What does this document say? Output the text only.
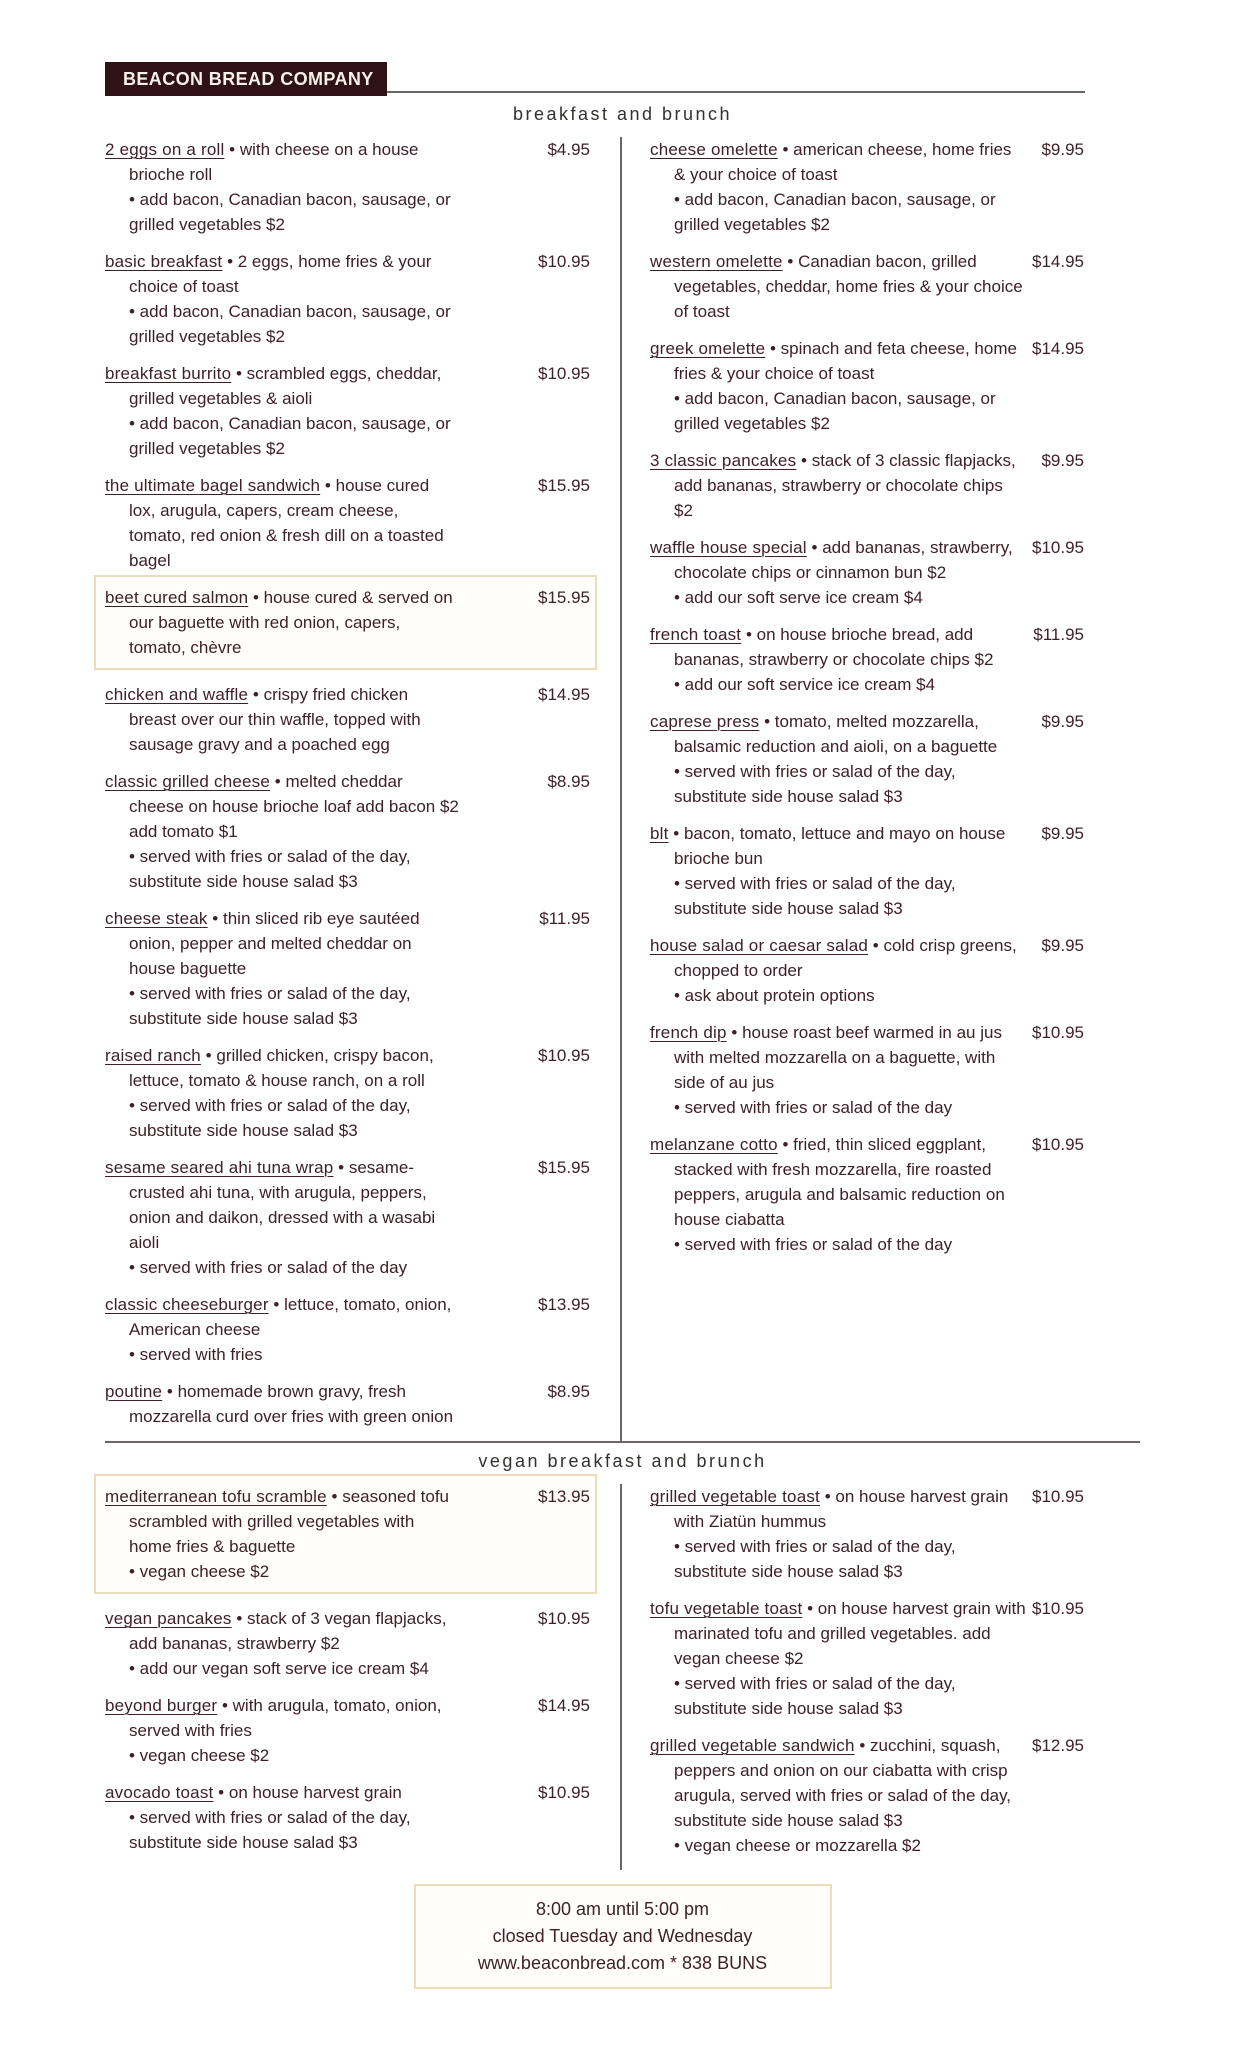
BEACON BREAD COMPANY
breakfast and brunch
2 eggs on a roll • with cheese on a house brioche roll
• add bacon, Canadian bacon, sausage, or grilled vegetables $2
$4.95
basic breakfast • 2 eggs, home fries & your choice of toast
• add bacon, Canadian bacon, sausage, or grilled vegetables $2
$10.95
breakfast burrito • scrambled eggs, cheddar, grilled vegetables & aioli
• add bacon, Canadian bacon, sausage, or grilled vegetables $2
$10.95
the ultimate bagel sandwich • house cured lox, arugula, capers, cream cheese, tomato, red onion & fresh dill on a toasted bagel
$15.95
beet cured salmon • house cured & served on our baguette with red onion, capers, tomato, chèvre
$15.95
chicken and waffle • crispy fried chicken breast over our thin waffle, topped with sausage gravy and a poached egg
$14.95
classic grilled cheese • melted cheddar cheese on house brioche loaf add bacon $2 add tomato $1
• served with fries or salad of the day, substitute side house salad $3
$8.95
cheese steak • thin sliced rib eye sautéed onion, pepper and melted cheddar on house baguette
• served with fries or salad of the day, substitute side house salad $3
$11.95
raised ranch • grilled chicken, crispy bacon, lettuce, tomato & house ranch, on a roll
• served with fries or salad of the day, substitute side house salad $3
$10.95
sesame seared ahi tuna wrap • sesame-crusted ahi tuna, with arugula, peppers, onion and daikon, dressed with a wasabi aioli
• served with fries or salad of the day
$15.95
classic cheeseburger • lettuce, tomato, onion, American cheese
• served with fries
$13.95
poutine • homemade brown gravy, fresh mozzarella curd over fries with green onion
$8.95
cheese omelette • american cheese, home fries & your choice of toast
• add bacon, Canadian bacon, sausage, or grilled vegetables $2
$9.95
western omelette • Canadian bacon, grilled vegetables, cheddar, home fries & your choice of toast
$14.95
greek omelette • spinach and feta cheese, home fries & your choice of toast
• add bacon, Canadian bacon, sausage, or grilled vegetables $2
$14.95
3 classic pancakes • stack of 3 classic flapjacks, add bananas, strawberry or chocolate chips $2
$9.95
waffle house special • add bananas, strawberry, chocolate chips or cinnamon bun $2
• add our soft serve ice cream $4
$10.95
french toast • on house brioche bread, add bananas, strawberry or chocolate chips $2
• add our soft service ice cream $4
$11.95
caprese press • tomato, melted mozzarella, balsamic reduction and aioli, on a baguette
• served with fries or salad of the day, substitute side house salad $3
$9.95
blt • bacon, tomato, lettuce and mayo on house brioche bun
• served with fries or salad of the day, substitute side house salad $3
$9.95
house salad or caesar salad • cold crisp greens, chopped to order
• ask about protein options
$9.95
french dip • house roast beef warmed in au jus with melted mozzarella on a baguette, with side of au jus
• served with fries or salad of the day
$10.95
melanzane cotto • fried, thin sliced eggplant, stacked with fresh mozzarella, fire roasted peppers, arugula and balsamic reduction on house ciabatta
• served with fries or salad of the day
$10.95
vegan breakfast and brunch
mediterranean tofu scramble • seasoned tofu scrambled with grilled vegetables with home fries & baguette
• vegan cheese $2
$13.95
vegan pancakes • stack of 3 vegan flapjacks, add bananas, strawberry $2
• add our vegan soft serve ice cream $4
$10.95
beyond burger • with arugula, tomato, onion, served with fries
• vegan cheese $2
$14.95
avocado toast • on house harvest grain
• served with fries or salad of the day, substitute side house salad $3
$10.95
grilled vegetable toast • on house harvest grain with Ziatün hummus
• served with fries or salad of the day, substitute side house salad $3
$10.95
tofu vegetable toast • on house harvest grain with marinated tofu and grilled vegetables. add vegan cheese $2
• served with fries or salad of the day, substitute side house salad $3
$10.95
grilled vegetable sandwich • zucchini, squash, peppers and onion on our ciabatta with crisp arugula, served with fries or salad of the day, substitute side house salad $3
• vegan cheese or mozzarella $2
$12.95
8:00 am until 5:00 pm
closed Tuesday and Wednesday
www.beaconbread.com * 838 BUNS
